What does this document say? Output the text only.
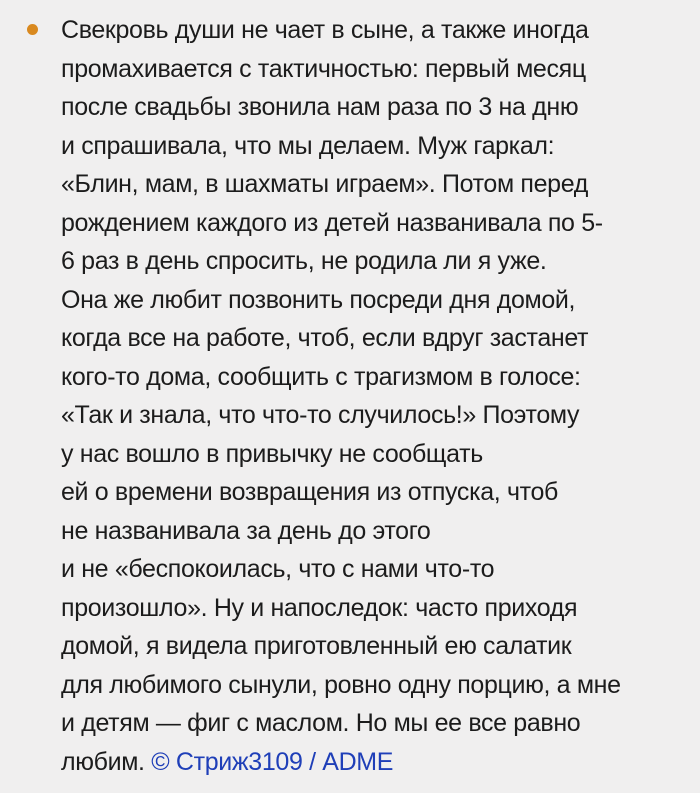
Свекровь души не чает в сыне, а также иногда
промахивается с тактичностью: первый месяц
после свадьбы звонила нам раза по 3 на дню
и спрашивала, что мы делаем. Муж гаркал:
«Блин, мам, в шахматы играем». Потом перед
рождением каждого из детей названивала по 5-
6 раз в день спросить, не родила ли я уже.
Она же любит позвонить посреди дня домой,
когда все на работе, чтоб, если вдруг застанет
кого-то дома, сообщить с трагизмом в голосе:
«Так и знала, что что-то случилось!» Поэтому
у нас вошло в привычку не сообщать
ей о времени возвращения из отпуска, чтоб
не названивала за день до этого
и не «беспокоилась, что с нами что-то
произошло». Ну и напоследок: часто приходя
домой, я видела приготовленный ею салатик
для любимого сынули, ровно одну порцию, а мне
и детям — фиг с маслом. Но мы ее все равно
любим. © Стриж3109 / ADME
